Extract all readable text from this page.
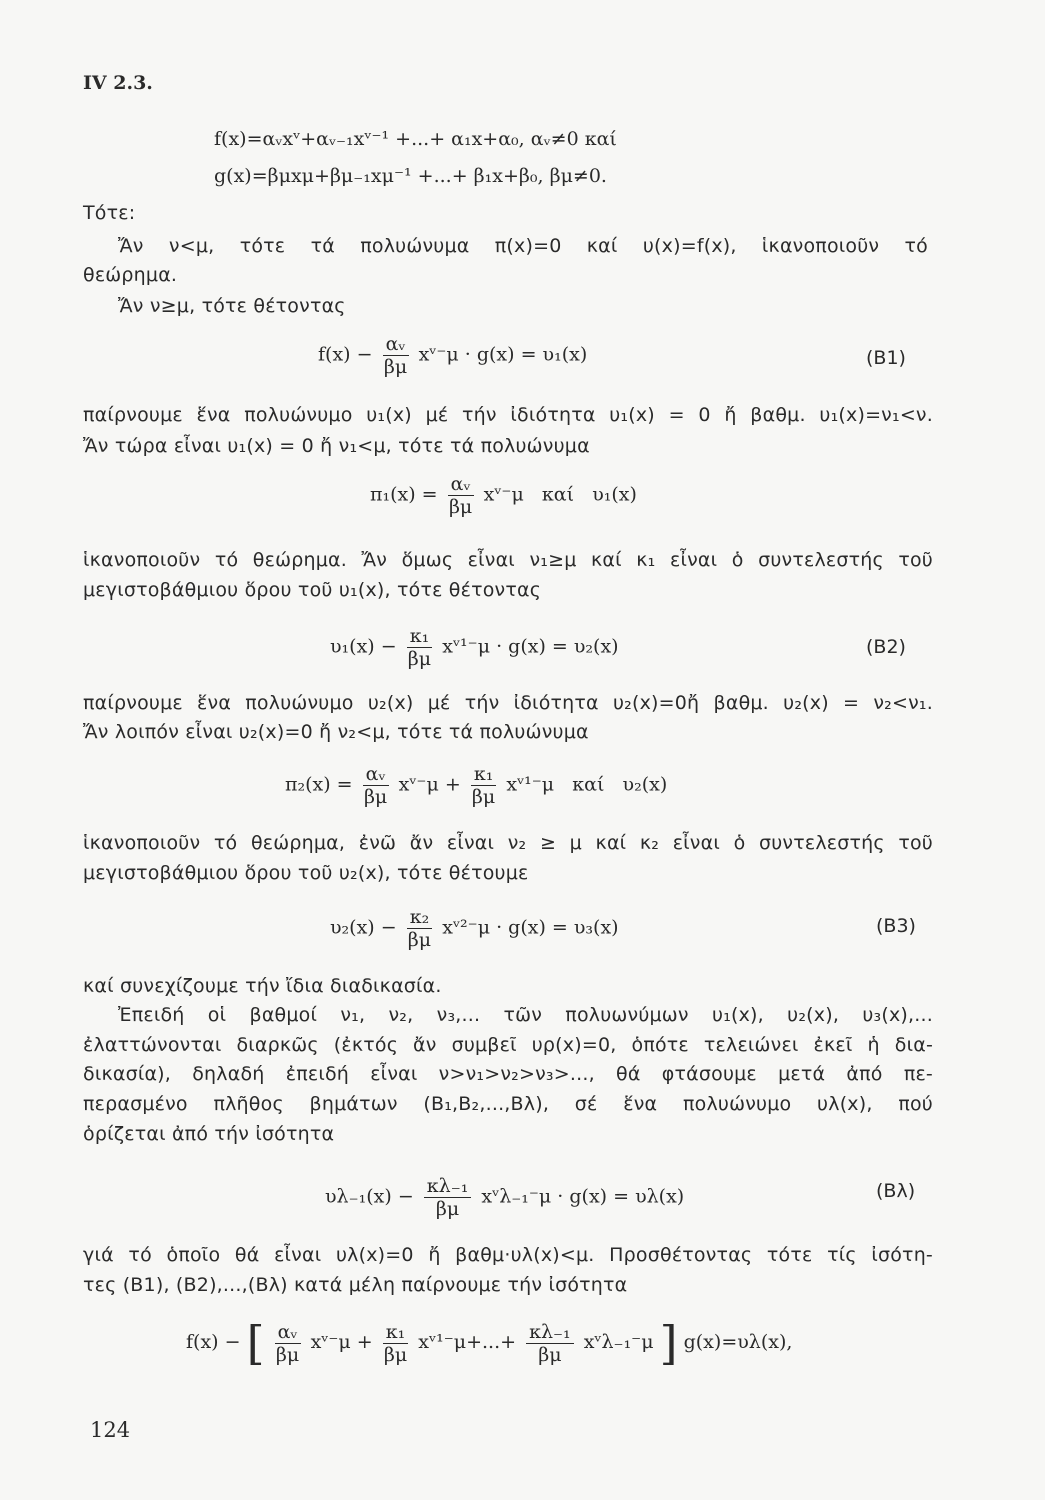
IV 2.3.
f(x)=αᵥxᵛ+αᵥ₋₁xᵛ⁻¹ +...+ α₁x+α₀, αᵥ≠0 καί
g(x)=βμxμ+βμ₋₁xμ⁻¹ +...+ β₁x+β₀, βμ≠0.
Τότε:
Ἄν ν<μ, τότε τά πολυώνυμα π(x)=0 καί υ(x)=f(x), ἱκανοποιοῦν τό
θεώρημα.
Ἄν ν≥μ, τότε θέτοντας
$f(x) - \frac{\text{αᵥ}}{\beta\mu}$ xᵛ⁻μ · g(x) = υ₁(x)	(B1)
παίρνουμε ἕνα πολυώνυμο υ₁(x) μέ τήν ἰδιότητα υ₁(x) = 0 ἤ βαθμ. υ₁(x)=ν₁<ν.
Ἄν τώρα εἶναι υ₁(x) = 0 ἤ ν₁<μ, τότε τά πολυώνυμα
$\pi_1(x) = \frac{\text{αᵥ}}{\beta\mu}$ xᵛ⁻μ   καί   υ₁(x)
ἱκανοποιοῦν τό θεώρημα. Ἄν ὅμως εἶναι ν₁≥μ καί κ₁ εἶναι ὁ συντελεστής τοῦ
μεγιστοβάθμιου ὅρου τοῦ υ₁(x), τότε θέτοντας
$\upsilon_1(x) - \frac{\text{κ₁}}{\beta\mu}$ xᵛ¹⁻μ · g(x) = υ₂(x)	(B2)
παίρνουμε ἕνα πολυώνυμο υ₂(x) μέ τήν ἰδιότητα υ₂(x)=0ἤ βαθμ. υ₂(x) = ν₂<ν₁.
Ἄν λοιπόν εἶναι υ₂(x)=0 ἤ ν₂<μ, τότε τά πολυώνυμα
$\pi_2(x) = \frac{\text{αᵥ}}{\beta\mu}$ xᵛ⁻μ + $\frac{\text{κ₁}}{\beta\mu}$ xᵛ¹⁻μ   καί   υ₂(x)
ἱκανοποιοῦν τό θεώρημα, ἐνῶ ἄν εἶναι ν₂ ≥ μ καί κ₂ εἶναι ὁ συντελεστής τοῦ
μεγιστοβάθμιου ὅρου τοῦ υ₂(x), τότε θέτουμε
$\upsilon_2(x) - \frac{\text{κ₂}}{\beta\mu}$ xᵛ²⁻μ · g(x) = υ₃(x)	(B3)
καί συνεχίζουμε τήν ἴδια διαδικασία.
Ἐπειδή οἱ βαθμοί ν₁, ν₂, ν₃,... τῶν πολυωνύμων υ₁(x), υ₂(x), υ₃(x),...
ἐλαττώνονται διαρκῶς (ἐκτός ἄν συμβεῖ υρ(x)=0, ὁπότε τελειώνει ἐκεῖ ἡ δια-
δικασία), δηλαδή ἐπειδή εἶναι ν>ν₁>ν₂>ν₃>..., θά φτάσουμε μετά ἀπό πε-
περασμένο πλῆθος βημάτων (B₁,B₂,...,Bλ), σέ ἕνα πολυώνυμο υλ(x), πού
ὁρίζεται ἀπό τήν ἰσότητα
$\upsilon\lambda_{-1}(x) - \frac{\text{κλ₋₁}}{\beta\mu}$ xᵛλ₋₁⁻μ · g(x) = υλ(x)	(Bλ)
γιά τό ὁποῖο θά εἶναι υλ(x)=0 ἤ βαθμ·υλ(x)<μ. Προσθέτοντας τότε τίς ἰσότη-
τες (B1), (B2),...,(Bλ) κατά μέλη παίρνουμε τήν ἰσότητα
f(x) − [ $\frac{\text{αᵥ}}{\beta\mu}$ xᵛ⁻μ + $\frac{\text{κ₁}}{\beta\mu}$ xᵛ¹⁻μ+...+ $\frac{\text{κλ₋₁}}{\beta\mu}$ xᵛλ₋₁⁻μ ] g(x)=υλ(x),
124
